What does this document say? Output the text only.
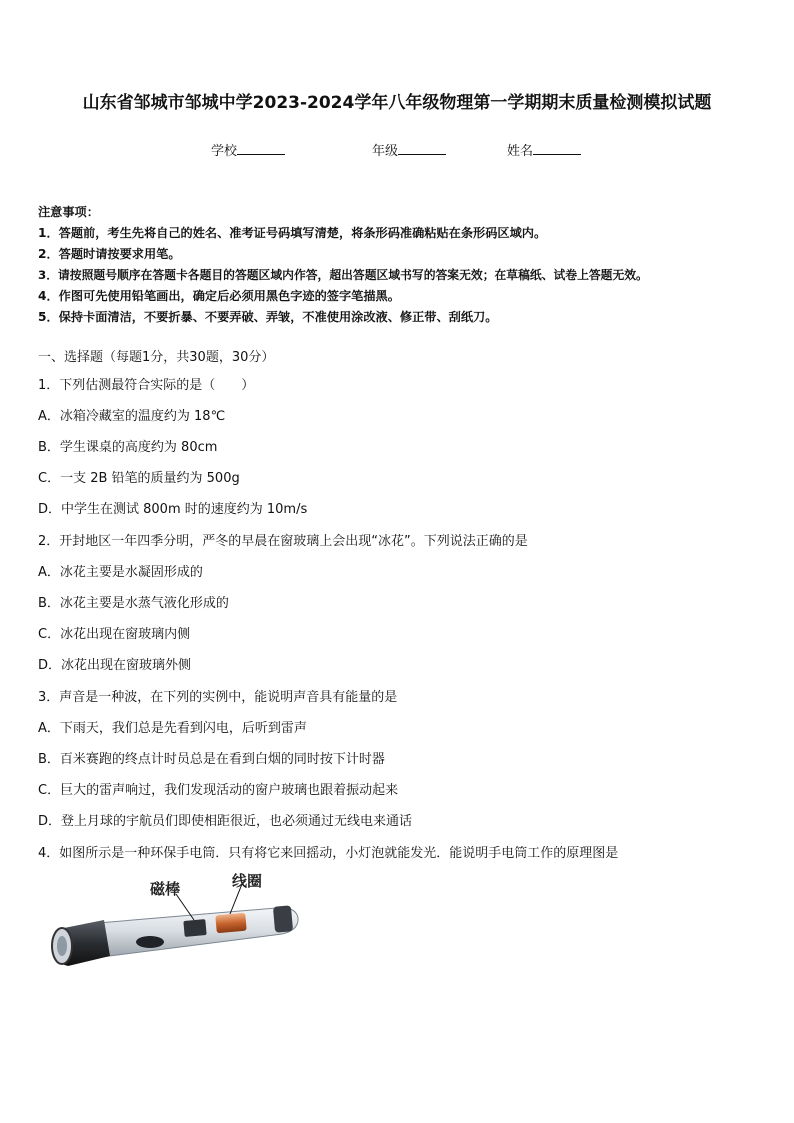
山东省邹城市邹城中学2023-2024学年八年级物理第一学期期末质量检测模拟试题
学校	年级	姓名
注意事项：
1．答题前，考生先将自己的姓名、准考证号码填写清楚，将条形码准确粘贴在条形码区域内。
2．答题时请按要求用笔。
3．请按照题号顺序在答题卡各题目的答题区域内作答，超出答题区域书写的答案无效；在草稿纸、试卷上答题无效。
4．作图可先使用铅笔画出，确定后必须用黑色字迹的签字笔描黑。
5．保持卡面清洁，不要折暴、不要弄破、弄皱，不准使用涂改液、修正带、刮纸刀。
一、选择题（每题1分，共30题，30分）
1．下列估测最符合实际的是（　　）
A．冰箱冷藏室的温度约为 18℃
B．学生课桌的高度约为 80cm
C．一支 2B 铅笔的质量约为 500g
D．中学生在测试 800m 时的速度约为 10m/s
2．开封地区一年四季分明，严冬的早晨在窗玻璃上会出现“冰花”。下列说法正确的是
A．冰花主要是水凝固形成的
B．冰花主要是水蒸气液化形成的
C．冰花出现在窗玻璃内侧
D．冰花出现在窗玻璃外侧
3．声音是一种波，在下列的实例中，能说明声音具有能量的是
A．下雨天，我们总是先看到闪电，后听到雷声
B．百米赛跑的终点计时员总是在看到白烟的同时按下计时器
C．巨大的雷声响过，我们发现活动的窗户玻璃也跟着振动起来
D．登上月球的宇航员们即使相距很近，也必须通过无线电来通话
4．如图所示是一种环保手电筒．只有将它来回摇动，小灯泡就能发光．能说明手电筒工作的原理图是
磁棒	线圈
